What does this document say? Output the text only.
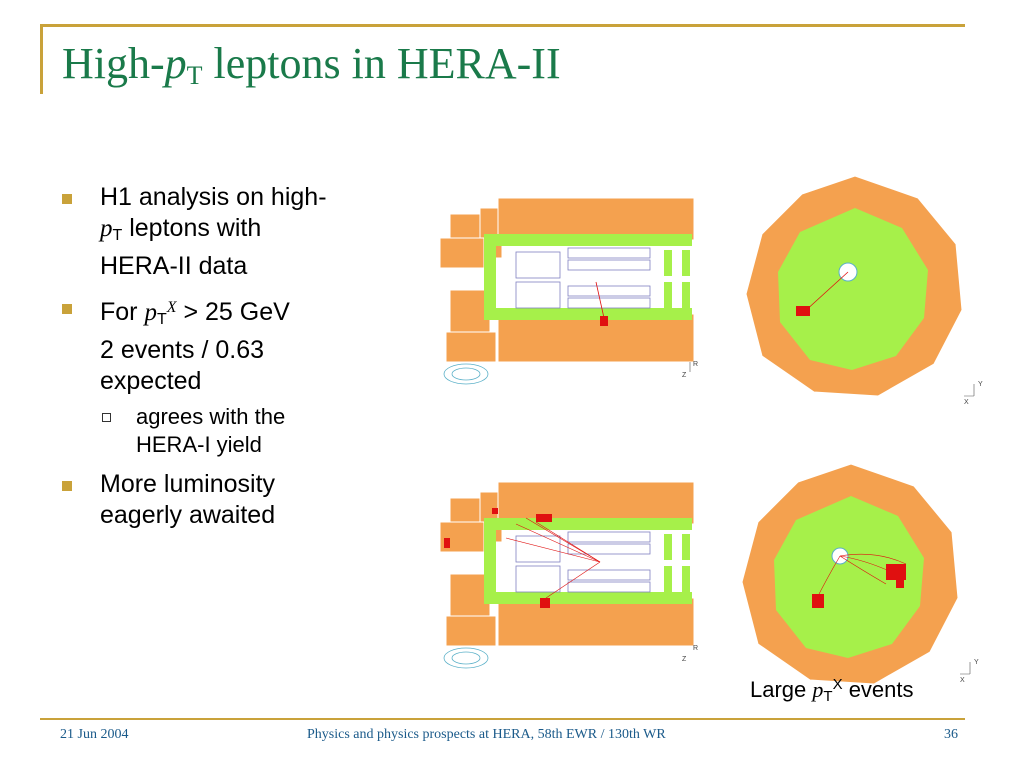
High-$p_T$ leptons in HERA-II
H1 analysis on high-
pT leptons with
HERA-II data
For $pT^X > 25$ GeV
2 events / 0.63
expected
agrees with the
HERA-I yield
More luminosity
eagerly awaited
R
Z
Y
X
R
Z	Y
X
Large $p_T^X$ events
21 Jun 2004	Physics and physics prospects at HERA, 58th EWR / 130th WR	36
